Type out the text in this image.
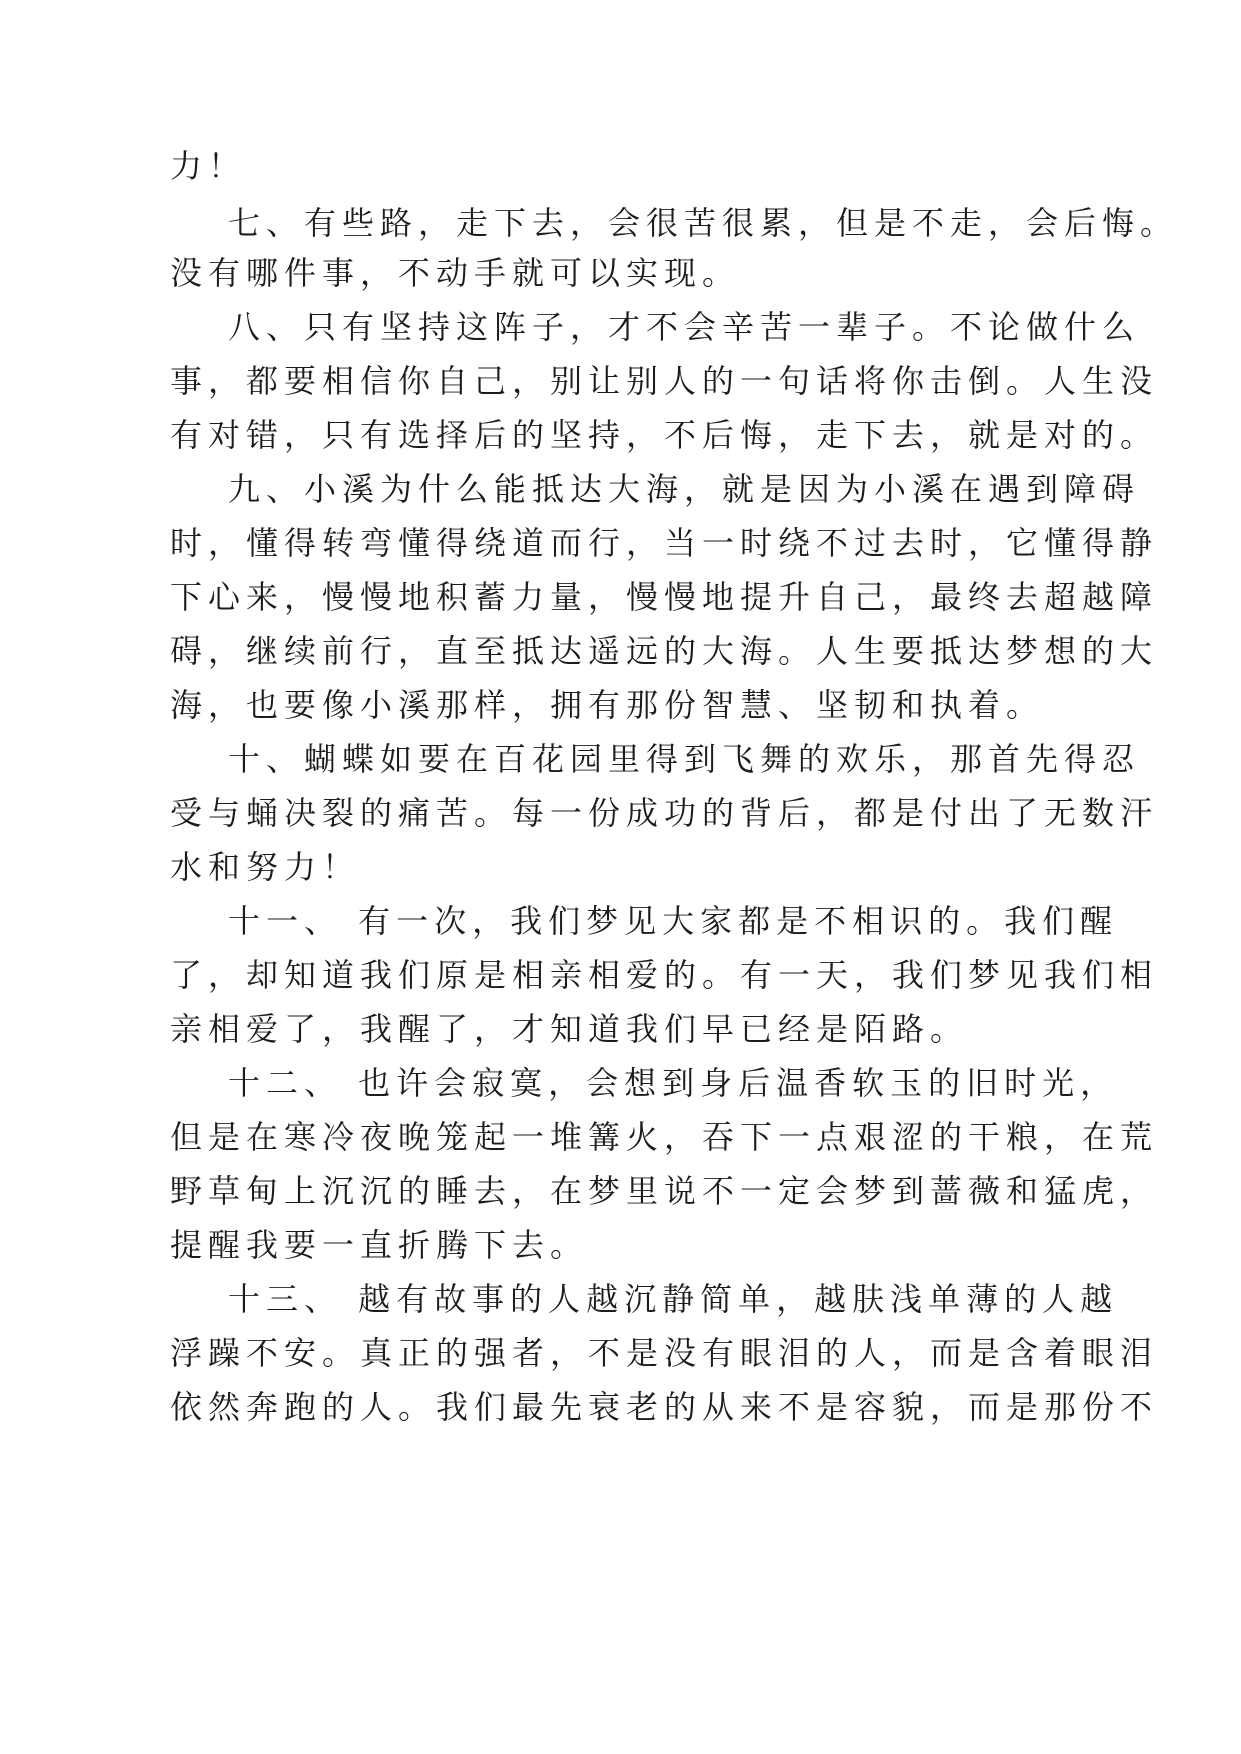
力！

七、有些路，走下去，会很苦很累，但是不走，会后悔。

没有哪件事，不动手就可以实现。

八、只有坚持这阵子，才不会辛苦一辈子。不论做什么

事，都要相信你自己，别让别人的一句话将你击倒。人生没

有对错，只有选择后的坚持，不后悔，走下去，就是对的。

九、小溪为什么能抵达大海，就是因为小溪在遇到障碍

时，懂得转弯懂得绕道而行，当一时绕不过去时，它懂得静

下心来，慢慢地积蓄力量，慢慢地提升自己，最终去超越障

碍，继续前行，直至抵达遥远的大海。人生要抵达梦想的大

海，也要像小溪那样，拥有那份智慧、坚韧和执着。

十、蝴蝶如要在百花园里得到飞舞的欢乐，那首先得忍

受与蛹决裂的痛苦。每一份成功的背后，都是付出了无数汗

水和努力！

十一、 有一次，我们梦见大家都是不相识的。我们醒

了，却知道我们原是相亲相爱的。有一天，我们梦见我们相

亲相爱了，我醒了，才知道我们早已经是陌路。

十二、 也许会寂寞，会想到身后温香软玉的旧时光，

但是在寒冷夜晚笼起一堆篝火，吞下一点艰涩的干粮，在荒

野草甸上沉沉的睡去，在梦里说不一定会梦到蔷薇和猛虎，

提醒我要一直折腾下去。

十三、 越有故事的人越沉静简单，越肤浅单薄的人越

浮躁不安。真正的强者，不是没有眼泪的人，而是含着眼泪

依然奔跑的人。我们最先衰老的从来不是容貌，而是那份不
